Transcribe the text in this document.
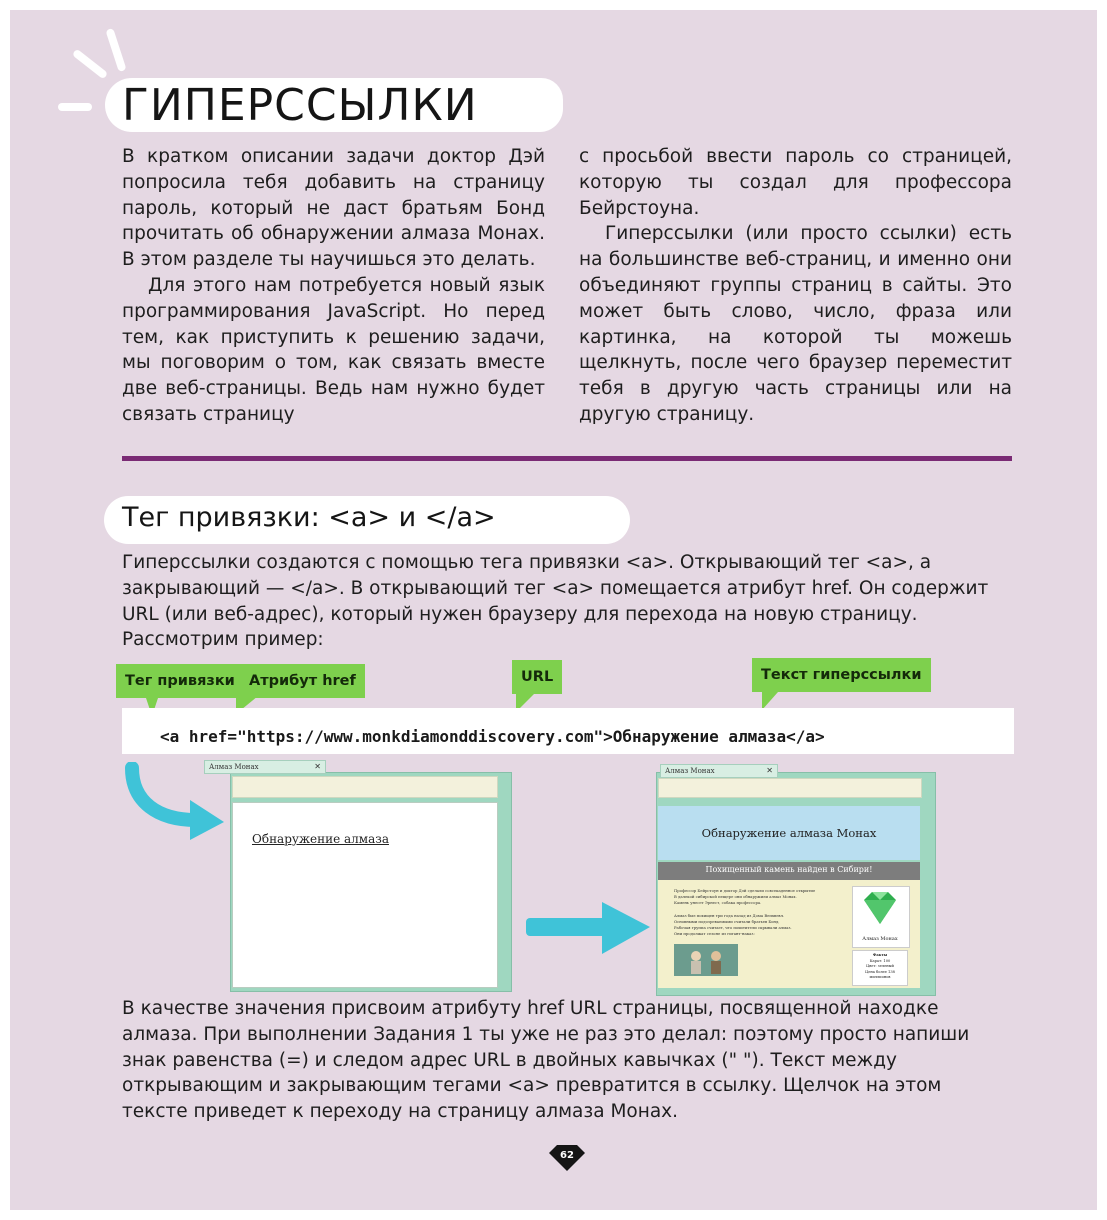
ГИПЕРССЫЛКИ

В кратком описании задачи доктор Дэй попросила тебя добавить на страницу пароль, который не даст братьям Бонд прочитать об обнаружении алмаза Монах. В этом разделе ты научишься это делать.

Для этого нам потребуется новый язык программирования JavaScript. Но перед тем, как приступить к решению задачи, мы поговорим о том, как связать вместе две веб-страницы. Ведь нам нужно будет связать страницу

с просьбой ввести пароль со страницей, которую ты создал для профессора Бейрстоуна.

Гиперссылки (или просто ссылки) есть на большинстве веб-страниц, и именно они объединяют группы страниц в сайты. Это может быть слово, число, фраза или картинка, на которой ты можешь щелкнуть, после чего браузер переместит тебя в другую часть страницы или на другую страницу.

Тег привязки: <a> и </a>

Гиперссылки создаются с помощью тега привязки <a>. Открывающий тег <a>, а закрывающий — </a>. В открывающий тег <a> помещается атрибут href. Он содержит URL (или веб-адрес), который нужен браузеру для перехода на новую страницу. Рассмотрим пример:

Тег привязки Атрибут href	URL	Текст гиперссылки
<a href="https://www.monkdiamonddiscovery.com">Обнаружение алмаза</a>
Алмаз Монах	✕
Обнаружение алмаза
Алмаз Монах	✕
Обнаружение алмаза Монах
Похищенный камень найден в Сибири!
Профессор Бейрстоун и доктор Дэй сделали совсекаденное открытие
В далекой сибирской пещере они обнаружили алмаз Монах.
Камень унесет Эрнест, собака профессора.
Алмаз был похищен три года назад из Дома Вепхвевл.
Основными подозреваемыми считали братьев Бонд.
Рабочая группа считает, что похитители скрывали алмаз.
Они продолжат сезоне из гигант-наказ:
Алмаз Монах
Факты
Карат: 100
Цвет: зеленый
Цена более 138
миллионов

В качестве значения присвоим атрибуту href URL страницы, посвященной находке алмаза. При выполнении Задания 1 ты уже не раз это делал: поэтому просто напиши знак равенства (=) и следом адрес URL в двойных кавычках (" "). Текст между открывающим и закрывающим тегами <a> превратится в ссылку. Щелчок на этом тексте приведет к переходу на страницу алмаза Монах.

62
